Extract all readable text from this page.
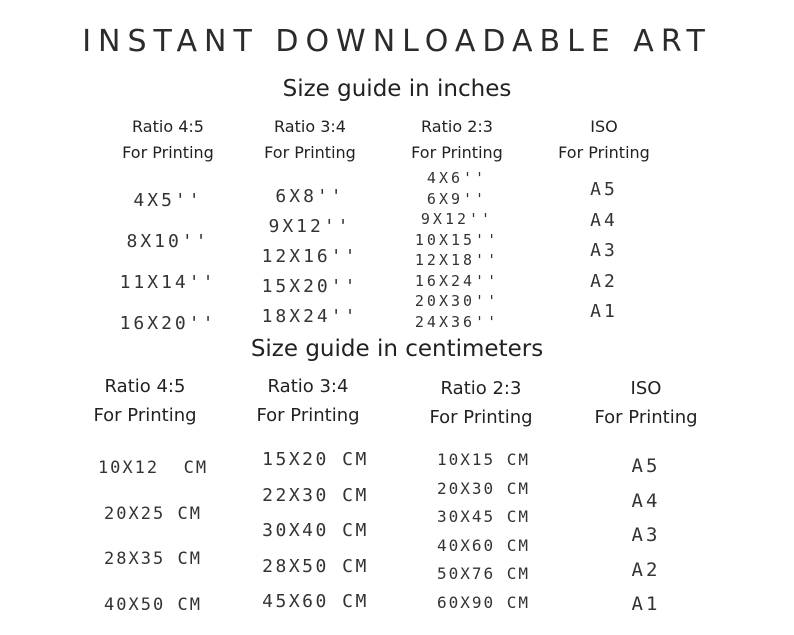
INSTANT DOWNLOADABLE ART
Size guide in inches
Ratio 4:5
For Printing
Ratio 3:4
For Printing
Ratio 2:3
For Printing
ISO
For Printing
4X5''
8X10''
11X14''
16X20''
6X8''
9X12''
12X16''
15X20''
18X24''
4X6''
6X9''
9X12''
10X15''
12X18''
16X24''
20X30''
24X36''
A5
A4
A3
A2
A1
Size guide in centimeters
Ratio 4:5
For Printing
Ratio 3:4
For Printing
Ratio 2:3
For Printing
ISO
For Printing
10X12  CM
20X25 CM
28X35 CM
40X50 CM
15X20 CM
22X30 CM
30X40 CM
28X50 CM
45X60 CM
10X15 CM
20X30 CM
30X45 CM
40X60 CM
50X76 CM
60X90 CM
A5
A4
A3
A2
A1
